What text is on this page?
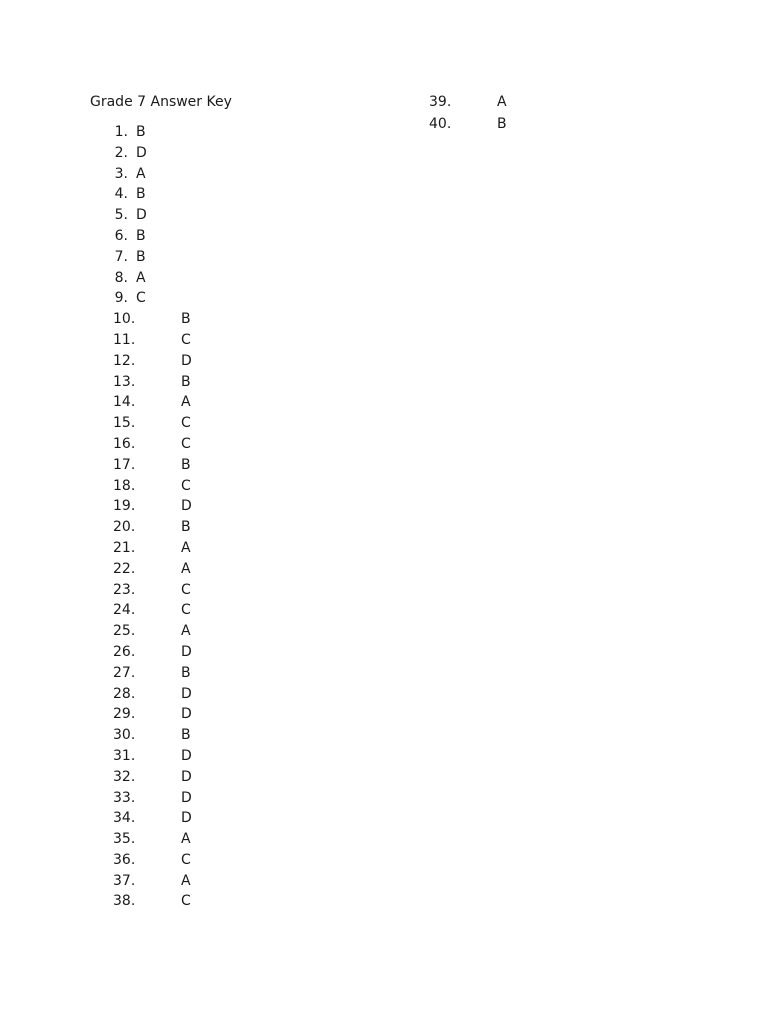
Grade 7 Answer Key
1. B
2. D
3. A
4. B
5. D
6. B
7. B
8. A
9. C
10.	B
11.	C
12.	D
13.	B
14.	A
15.	C
16.	C
17.	B
18.	C
19.	D
20.	B
21.	A
22.	A
23.	C
24.	C
25.	A
26.	D
27.	B
28.	D
29.	D
30.	B
31.	D
32.	D
33.	D
34.	D
35.	A
36.	C
37.	A
38.	C
39.	A
40.	B
